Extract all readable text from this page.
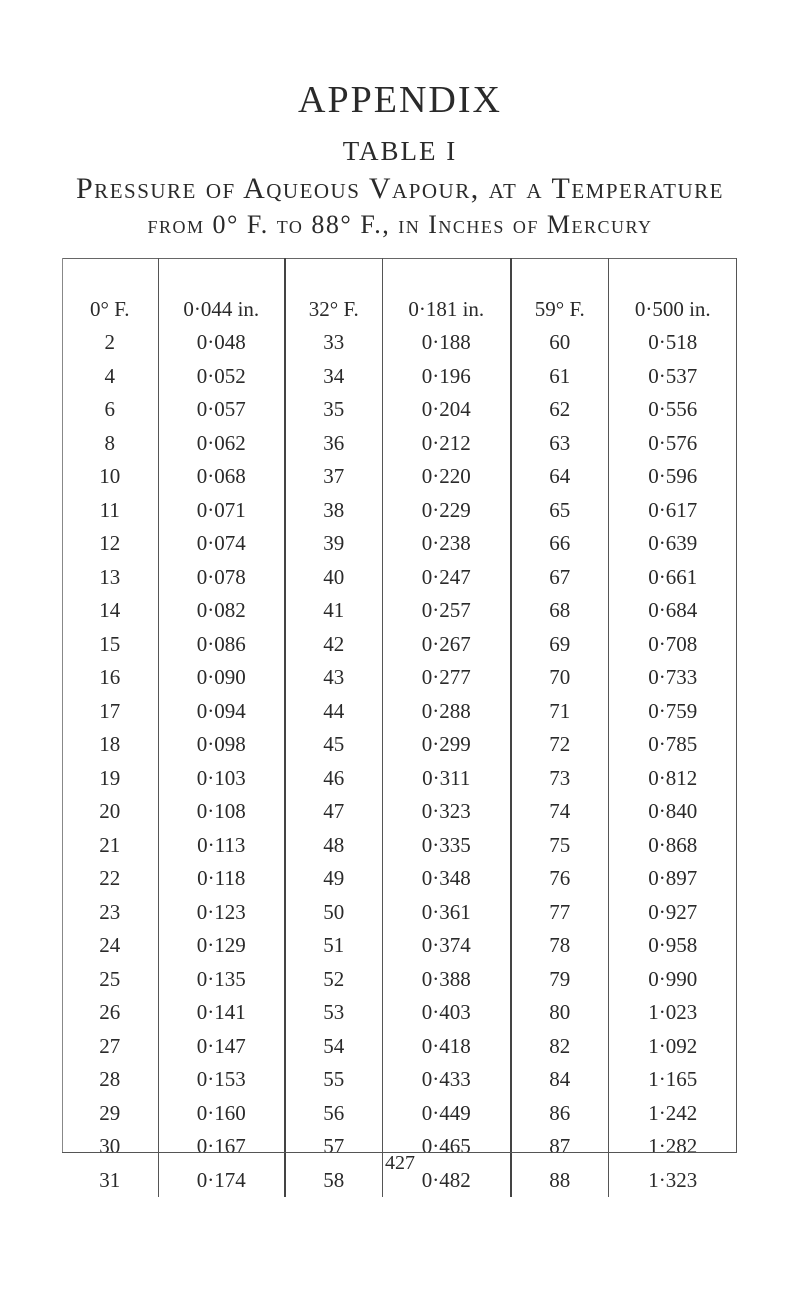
APPENDIX
TABLE I
Pressure of Aqueous Vapour, at a Temperature
from 0° F. to 88° F., in Inches of Mercury
0° F.	0·044 in.	32° F.	0·181 in.	59° F.	0·500 in.
2	0·048	33	0·188	60	0·518
4	0·052	34	0·196	61	0·537
6	0·057	35	0·204	62	0·556
8	0·062	36	0·212	63	0·576
10	0·068	37	0·220	64	0·596
11	0·071	38	0·229	65	0·617
12	0·074	39	0·238	66	0·639
13	0·078	40	0·247	67	0·661
14	0·082	41	0·257	68	0·684
15	0·086	42	0·267	69	0·708
16	0·090	43	0·277	70	0·733
17	0·094	44	0·288	71	0·759
18	0·098	45	0·299	72	0·785
19	0·103	46	0·311	73	0·812
20	0·108	47	0·323	74	0·840
21	0·113	48	0·335	75	0·868
22	0·118	49	0·348	76	0·897
23	0·123	50	0·361	77	0·927
24	0·129	51	0·374	78	0·958
25	0·135	52	0·388	79	0·990
26	0·141	53	0·403	80	1·023
27	0·147	54	0·418	82	1·092
28	0·153	55	0·433	84	1·165
29	0·160	56	0·449	86	1·242
30	0·167	57	0·465	87	1·282
31	0·174	58	0·482	88	1·323
427
